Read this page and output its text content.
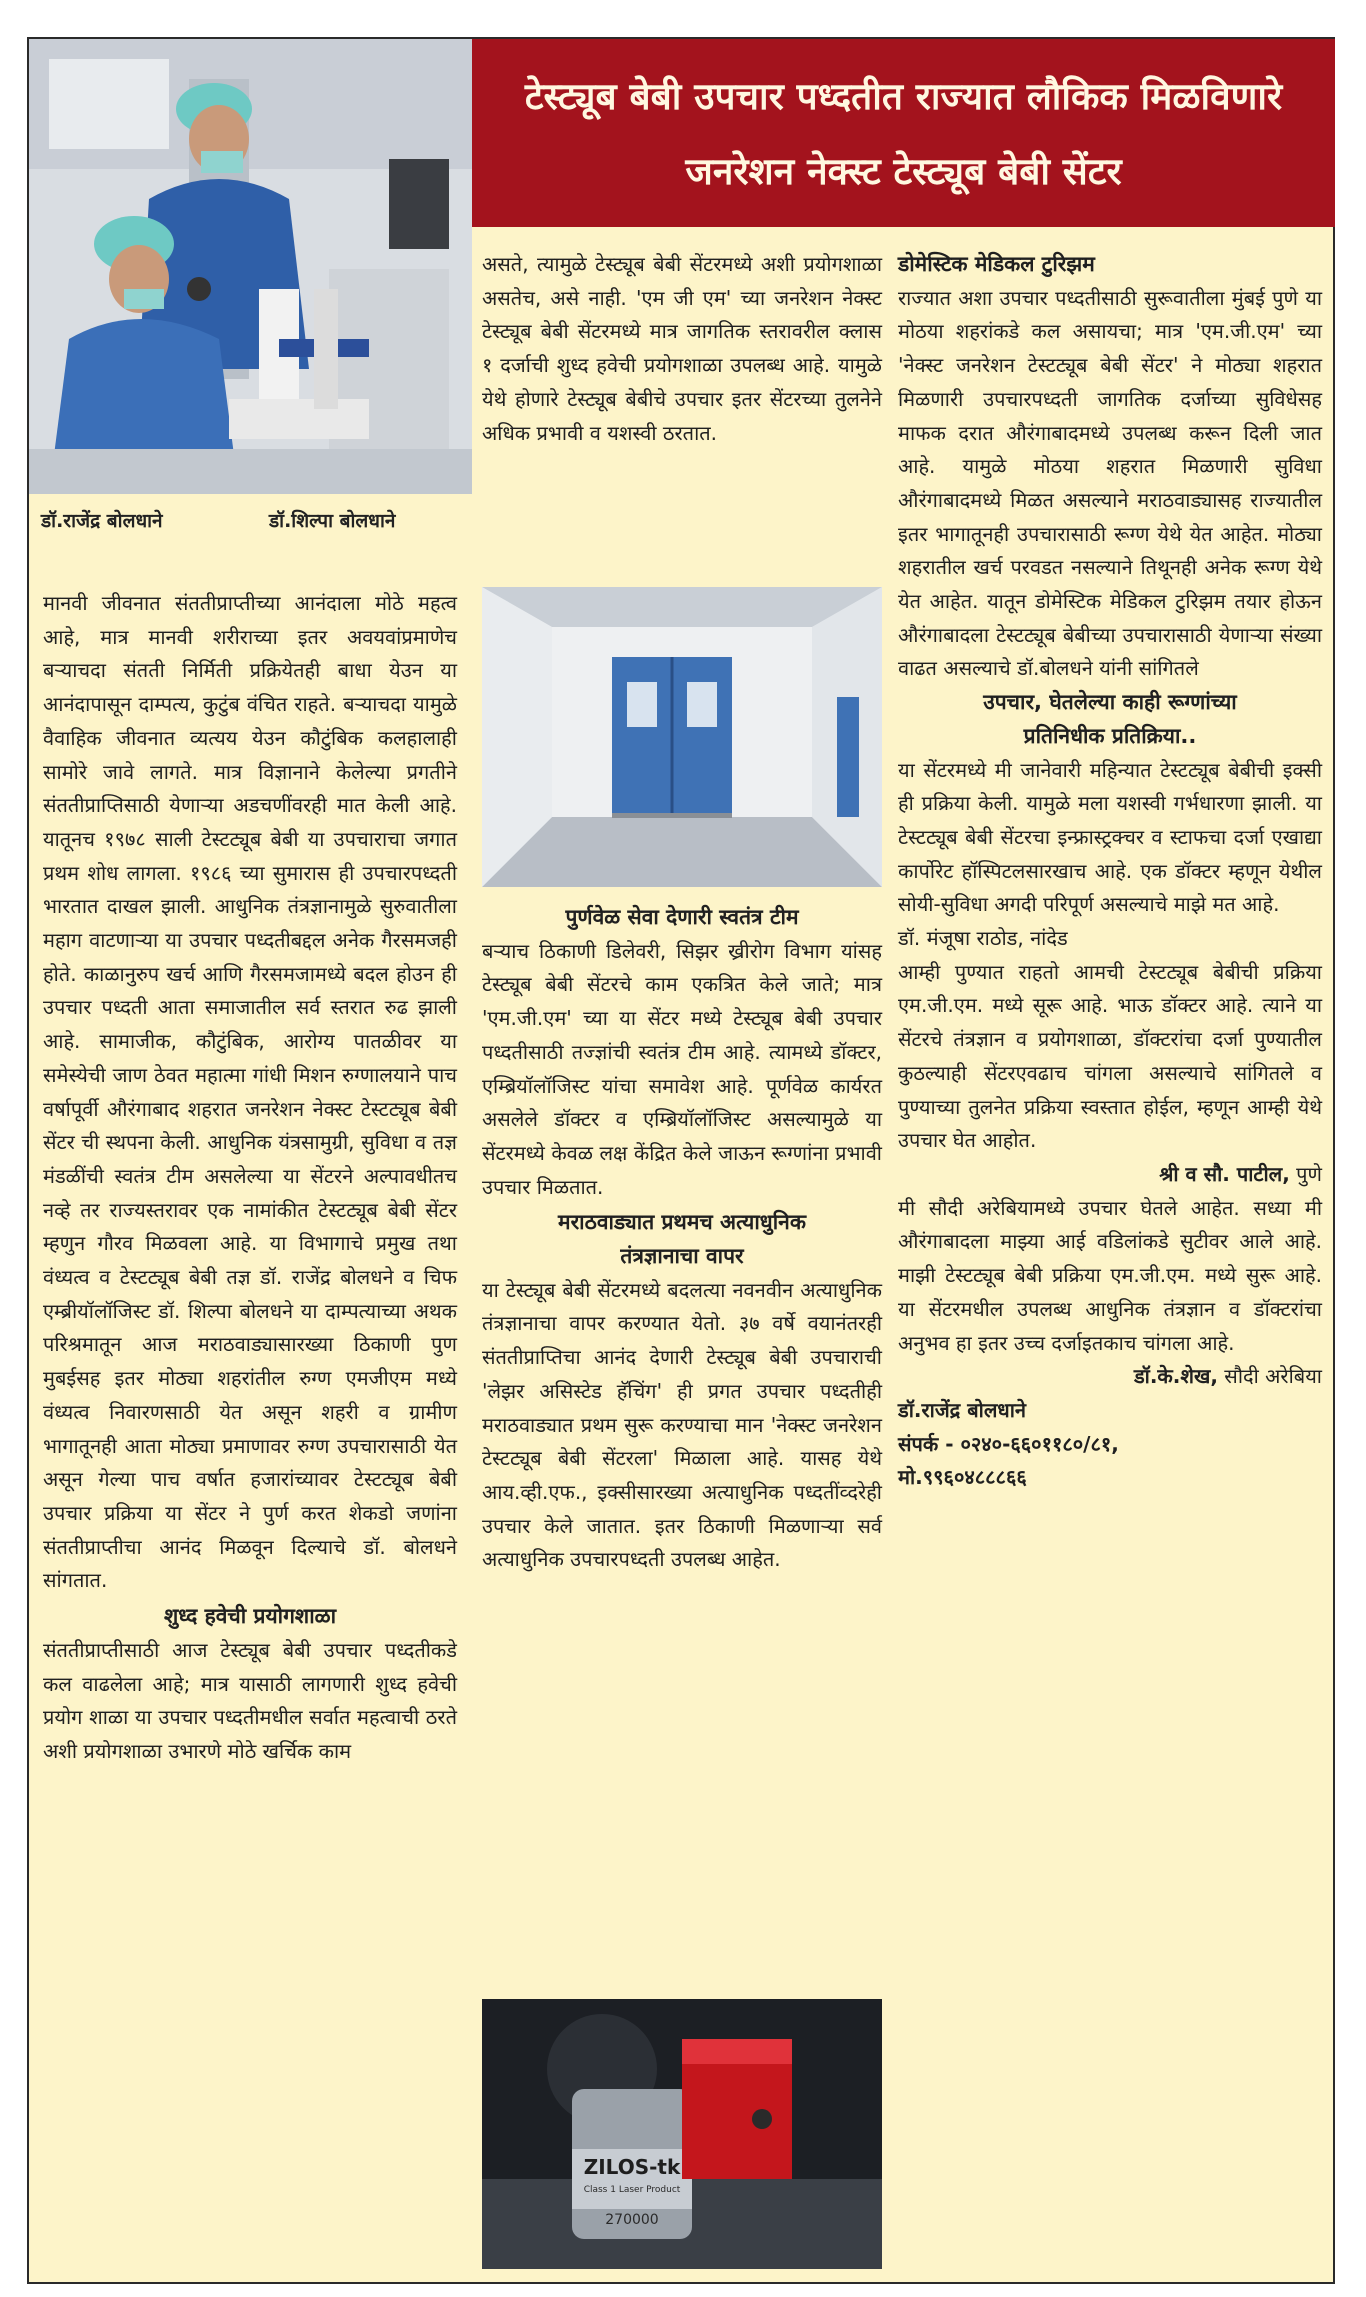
टेस्ट्यूब बेबी उपचार पध्दतीत राज्यात लौकिक मिळविणारे
जनरेशन नेक्स्ट टेस्ट्यूब बेबी सेंटर
डॉ.राजेंद्र बोलधाने	डॉ.शिल्पा बोलधाने

मानवी जीवनात संततीप्राप्तीच्या आनंदाला मोठे महत्व आहे, मात्र मानवी शरीराच्या इतर अवयवांप्रमाणेच बऱ्याचदा संतती निर्मिती प्रक्रियेतही बाधा येउन या आनंदापासून दाम्पत्य, कुटुंब वंचित राहते. बऱ्याचदा यामुळे वैवाहिक जीवनात व्यत्यय येउन कौटुंबिक कलहालाही सामोरे जावे लागते. मात्र विज्ञानाने केलेल्या प्रगतीने संततीप्राप्तिसाठी येणाऱ्या अडचणींवरही मात केली आहे. यातूनच १९७८ साली टेस्टट्यूब बेबी या उपचाराचा जगात प्रथम शोध लागला. १९८६ च्या सुमारास ही उपचारपध्दती भारतात दाखल झाली. आधुनिक तंत्रज्ञानामुळे सुरुवातीला महाग वाटणाऱ्या या उपचार पध्दतीबद्दल अनेक गैरसमजही होते. काळानुरुप खर्च आणि गैरसमजामध्ये बदल होउन ही उपचार पध्दती आता समाजातील सर्व स्तरात रुढ झाली आहे. सामाजीक, कौटुंबिक, आरोग्य पातळीवर या समेस्येची जाण ठेवत महात्मा गांधी मिशन रुग्णालयाने पाच वर्षापूर्वी औरंगाबाद शहरात जनरेशन नेक्स्ट टेस्टट्यूब बेबी सेंटर ची स्थपना केली. आधुनिक यंत्रसामुग्री, सुविधा व तज्ञ मंडळींची स्वतंत्र टीम असलेल्या या सेंटरने अल्पावधीतच नव्हे तर राज्यस्तरावर एक नामांकीत टेस्टट्यूब बेबी सेंटर म्हणुन गौरव मिळवला आहे. या विभागाचे प्रमुख तथा वंध्यत्व व टेस्टट्यूब बेबी तज्ञ डॉ. राजेंद्र बोलधने व चिफ एम्ब्रीयॉलॉजिस्ट डॉ. शिल्पा बोलधने या दाम्पत्याच्या अथक परिश्रमातून आज मराठवाड्यासारख्या ठिकाणी पुण मुबईसह इतर मोठ्या शहरांतील रुग्ण एमजीएम मध्ये वंध्यत्व निवारणसाठी येत असून शहरी व ग्रामीण भागातूनही आता मोठ्या प्रमाणावर रुग्ण उपचारासाठी येत असून गेल्या पाच वर्षात हजारांच्यावर टेस्टट्यूब बेबी उपचार प्रक्रिया या सेंटर ने पुर्ण करत शेकडो जणांना संततीप्राप्तीचा आनंद मिळवून दिल्याचे डॉ. बोलधने सांगतात.

शुध्द हवेची प्रयोगशाळा

संततीप्राप्तीसाठी आज टेस्ट्यूब बेबी उपचार पध्दतीकडे कल वाढलेला आहे; मात्र यासाठी लागणारी शुध्द हवेची प्रयोग शाळा या उपचार पध्दतीमधील सर्वात महत्वाची ठरते अशी प्रयोगशाळा उभारणे मोठे खर्चिक काम

असते, त्यामुळे टेस्ट्यूब बेबी सेंटरमध्ये अशी प्रयोगशाळा असतेच, असे नाही. 'एम जी एम' च्या जनरेशन नेक्स्ट टेस्ट्यूब बेबी सेंटरमध्ये मात्र जागतिक स्तरावरील क्लास १ दर्जाची शुध्द हवेची प्रयोगशाळा उपलब्ध आहे. यामुळे येथे होणारे टेस्ट्यूब बेबीचे उपचार इतर सेंटरच्या तुलनेने अधिक प्रभावी व यशस्वी ठरतात.

पुर्णवेळ सेवा देणारी स्वतंत्र टीम

बऱ्याच ठिकाणी डिलेवरी, सिझर ख्रीरोग विभाग यांसह टेस्ट्यूब बेबी सेंटरचे काम एकत्रित केले जाते; मात्र 'एम.जी.एम' च्या या सेंटर मध्ये टेस्ट्यूब बेबी उपचार पध्दतीसाठी तज्ज्ञांची स्वतंत्र टीम आहे. त्यामध्ये डॉक्टर, एम्ब्रियॉलॉजिस्ट यांचा समावेश आहे. पूर्णवेळ कार्यरत असलेले डॉक्टर व एम्ब्रियॉलॉजिस्ट असल्यामुळे या सेंटरमध्ये केवळ लक्ष केंद्रित केले जाऊन रूग्णांना प्रभावी उपचार मिळतात.

मराठवाड्यात प्रथमच अत्याधुनिक
तंत्रज्ञानाचा वापर

या टेस्ट्यूब बेबी सेंटरमध्ये बदलत्या नवनवीन अत्याधुनिक तंत्रज्ञानाचा वापर करण्यात येतो. ३७ वर्षे वयानंतरही संततीप्राप्तिचा आनंद देणारी टेस्ट्यूब बेबी उपचाराची 'लेझर असिस्टेड हॅचिंग' ही प्रगत उपचार पध्दतीही मराठवाड्यात प्रथम सुरू करण्याचा मान 'नेक्स्ट जनरेशन टेस्टट्यूब बेबी सेंटरला' मिळाला आहे. यासह येथे आय.व्ही.एफ., इक्सीसारख्या अत्याधुनिक पध्दतींव्दरेही उपचार केले जातात. इतर ठिकाणी मिळणाऱ्या सर्व अत्याधुनिक उपचारपध्दती उपलब्ध आहेत.

ZILOS-tk
Class 1 Laser Product
270000
डोमेस्टिक मेडिकल टुरिझम

राज्यात अशा उपचार पध्दतीसाठी सुरूवातीला मुंबई पुणे या मोठया शहरांकडे कल असायचा; मात्र 'एम.जी.एम' च्या 'नेक्स्ट जनरेशन टेस्टट्यूब बेबी सेंटर' ने मोठ्या शहरात मिळणारी उपचारपध्दती जागतिक दर्जाच्या सुविधेसह माफक दरात औरंगाबादमध्ये उपलब्ध करून दिली जात आहे. यामुळे मोठया शहरात मिळणारी सुविधा औरंगाबादमध्ये मिळत असल्याने मराठवाड्यासह राज्यातील इतर भागातूनही उपचारासाठी रूग्ण येथे येत आहेत. मोठ्या शहरातील खर्च परवडत नसल्याने तिथूनही अनेक रूग्ण येथे येत आहेत. यातून डोमेस्टिक मेडिकल टुरिझम तयार होऊन औरंगाबादला टेस्टट्यूब बेबीच्या उपचारासाठी येणाऱ्या संख्या वाढत असल्याचे डॉ.बोलधने यांनी सांगितले

उपचार, घेतलेल्या काही रूग्णांच्या
प्रतिनिधीक प्रतिक्रिया..

या सेंटरमध्ये मी जानेवारी महिन्यात टेस्टट्यूब बेबीची इक्सी ही प्रक्रिया केली. यामुळे मला यशस्वी गर्भधारणा झाली. या टेस्टट्यूब बेबी सेंटरचा इन्फ्रास्ट्रक्चर व स्टाफचा दर्जा एखाद्या कार्पोरेट हॉस्पिटलसारखाच आहे. एक डॉक्टर म्हणून येथील सोयी-सुविधा अगदी परिपूर्ण असल्याचे माझे मत आहे.

डॉ. मंजूषा राठोड, नांदेड

आम्ही पुण्यात राहतो आमची टेस्टट्यूब बेबीची प्रक्रिया एम.जी.एम. मध्ये सूरू आहे. भाऊ डॉक्टर आहे. त्याने या सेंटरचे तंत्रज्ञान व प्रयोगशाळा, डॉक्टरांचा दर्जा पुण्यातील कुठल्याही सेंटरएवढाच चांगला असल्याचे सांगितले व पुण्याच्या तुलनेत प्रक्रिया स्वस्तात होईल, म्हणून आम्ही येथे उपचार घेत आहोत.

श्री व सौ. पाटील, पुणे

मी सौदी अरेबियामध्ये उपचार घेतले आहेत. सध्या मी औरंगाबादला माझ्या आई वडिलांकडे सुटीवर आले आहे. माझी टेस्टट्यूब बेबी प्रक्रिया एम.जी.एम. मध्ये सुरू आहे. या सेंटरमधील उपलब्ध आधुनिक तंत्रज्ञान व डॉक्टरांचा अनुभव हा इतर उच्च दर्जाइतकाच चांगला आहे.

डॉ.के.शेख, सौदी अरेबिया

डॉ.राजेंद्र बोलधाने

संपर्क - ०२४०-६६०११८०/८१,

मो.९९६०४८८८६६
